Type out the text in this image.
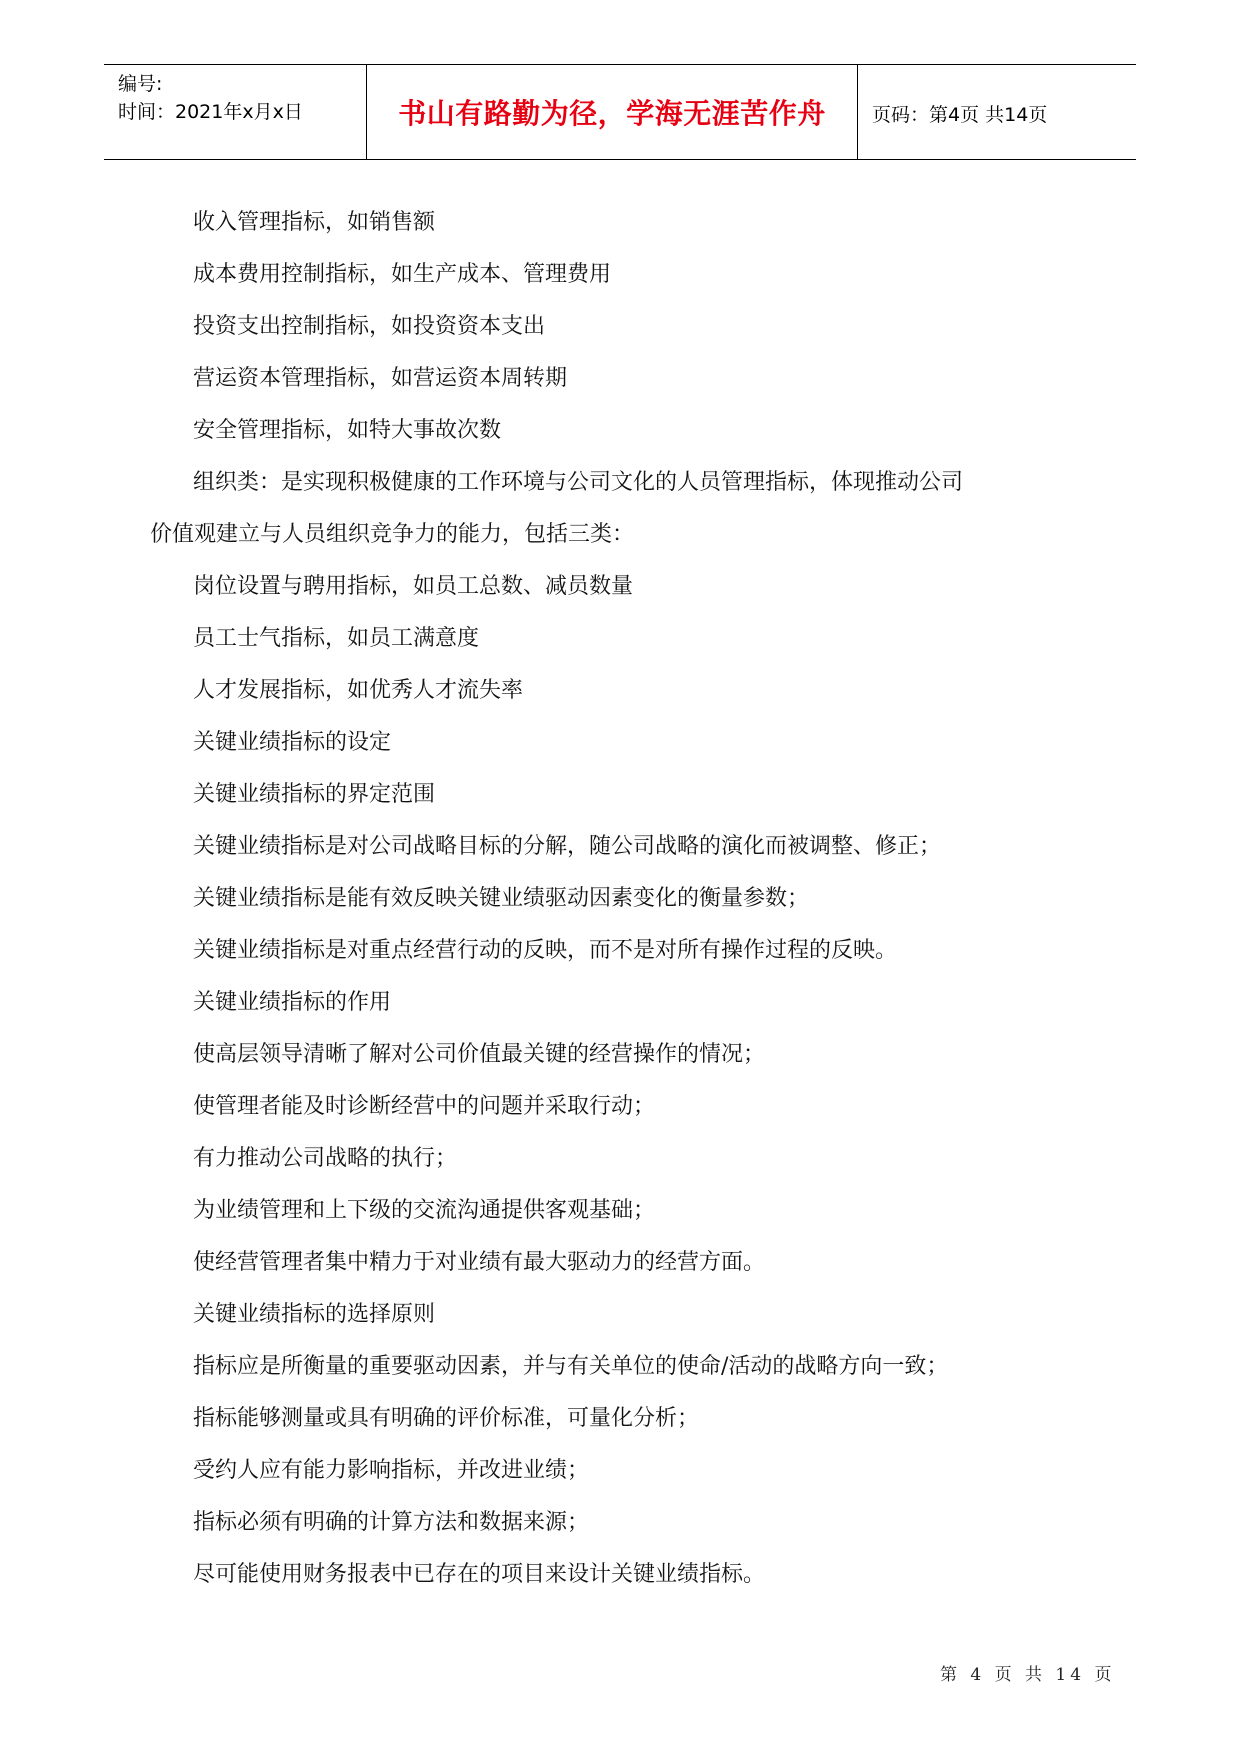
编号:
时间：2021年x月x日	书山有路勤为径，学海无涯苦作舟	页码：第4页 共14页
收入管理指标，如销售额
成本费用控制指标，如生产成本、管理费用
投资支出控制指标，如投资资本支出
营运资本管理指标，如营运资本周转期
安全管理指标，如特大事故次数
组织类：是实现积极健康的工作环境与公司文化的人员管理指标，体现推动公司
价值观建立与人员组织竞争力的能力，包括三类：
岗位设置与聘用指标，如员工总数、减员数量
员工士气指标，如员工满意度
人才发展指标，如优秀人才流失率
关键业绩指标的设定
关键业绩指标的界定范围
关键业绩指标是对公司战略目标的分解，随公司战略的演化而被调整、修正；
关键业绩指标是能有效反映关键业绩驱动因素变化的衡量参数；
关键业绩指标是对重点经营行动的反映，而不是对所有操作过程的反映。
关键业绩指标的作用
使高层领导清晰了解对公司价值最关键的经营操作的情况；
使管理者能及时诊断经营中的问题并采取行动；
有力推动公司战略的执行；
为业绩管理和上下级的交流沟通提供客观基础；
使经营管理者集中精力于对业绩有最大驱动力的经营方面。
关键业绩指标的选择原则
指标应是所衡量的重要驱动因素，并与有关单位的使命/活动的战略方向一致；
指标能够测量或具有明确的评价标准，可量化分析；
受约人应有能力影响指标，并改进业绩；
指标必须有明确的计算方法和数据来源；
尽可能使用财务报表中已存在的项目来设计关键业绩指标。
第 4 页 共 14 页
